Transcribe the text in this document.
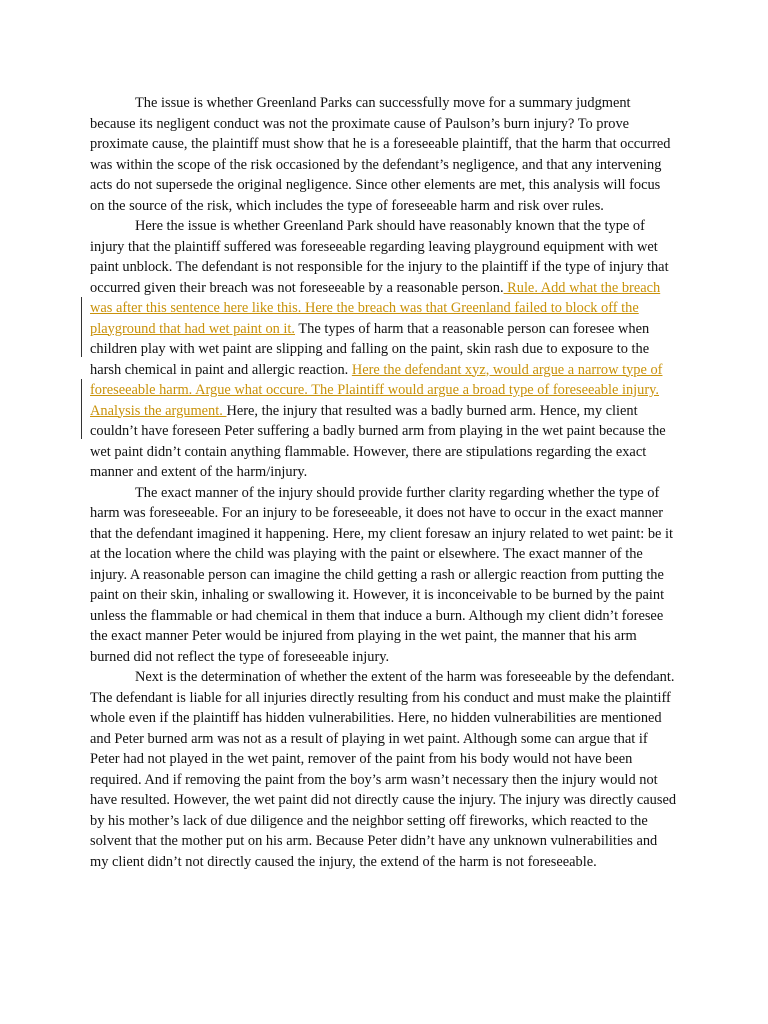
The issue is whether Greenland Parks can successfully move for a summary judgment because its negligent conduct was not the proximate cause of Paulson’s burn injury? To prove proximate cause, the plaintiff must show that he is a foreseeable plaintiff, that the harm that occurred was within the scope of the risk occasioned by the defendant’s negligence, and that any intervening acts do not supersede the original negligence. Since other elements are met, this analysis will focus on the source of the risk, which includes the type of foreseeable harm and risk over rules.

Here the issue is whether Greenland Park should have reasonably known that the type of injury that the plaintiff suffered was foreseeable regarding leaving playground equipment with wet paint unblock. The defendant is not responsible for the injury to the plaintiff if the type of injury that occurred given their breach was not foreseeable by a reasonable person. Rule. Add what the breach was after this sentence here like this. Here the breach was that Greenland failed to block off the playground that had wet paint on it. The types of harm that a reasonable person can foresee when children play with wet paint are slipping and falling on the paint, skin rash due to exposure to the harsh chemical in paint and allergic reaction. Here the defendant xyz, would argue a narrow type of foreseeable harm. Argue what occure. The Plaintiff would argue a broad type of foreseeable injury. Analysis the argument. Here, the injury that resulted was a badly burned arm. Hence, my client couldn’t have foreseen Peter suffering a badly burned arm from playing in the wet paint because the wet paint didn’t contain anything flammable. However, there are stipulations regarding the exact manner and extent of the harm/injury.

The exact manner of the injury should provide further clarity regarding whether the type of harm was foreseeable. For an injury to be foreseeable, it does not have to occur in the exact manner that the defendant imagined it happening. Here, my client foresaw an injury related to wet paint: be it at the location where the child was playing with the paint or elsewhere. The exact manner of the injury. A reasonable person can imagine the child getting a rash or allergic reaction from putting the paint on their skin, inhaling or swallowing it. However, it is inconceivable to be burned by the paint unless the flammable or had chemical in them that induce a burn. Although my client didn’t foresee the exact manner Peter would be injured from playing in the wet paint, the manner that his arm burned did not reflect the type of foreseeable injury.

Next is the determination of whether the extent of the harm was foreseeable by the defendant. The defendant is liable for all injuries directly resulting from his conduct and must make the plaintiff whole even if the plaintiff has hidden vulnerabilities. Here, no hidden vulnerabilities are mentioned and Peter burned arm was not as a result of playing in wet paint. Although some can argue that if Peter had not played in the wet paint, remover of the paint from his body would not have been required. And if removing the paint from the boy’s arm wasn’t necessary then the injury would not have resulted. However, the wet paint did not directly cause the injury. The injury was directly caused by his mother’s lack of due diligence and the neighbor setting off fireworks, which reacted to the solvent that the mother put on his arm. Because Peter didn’t have any unknown vulnerabilities and my client didn’t not directly caused the injury, the extend of the harm is not foreseeable.
